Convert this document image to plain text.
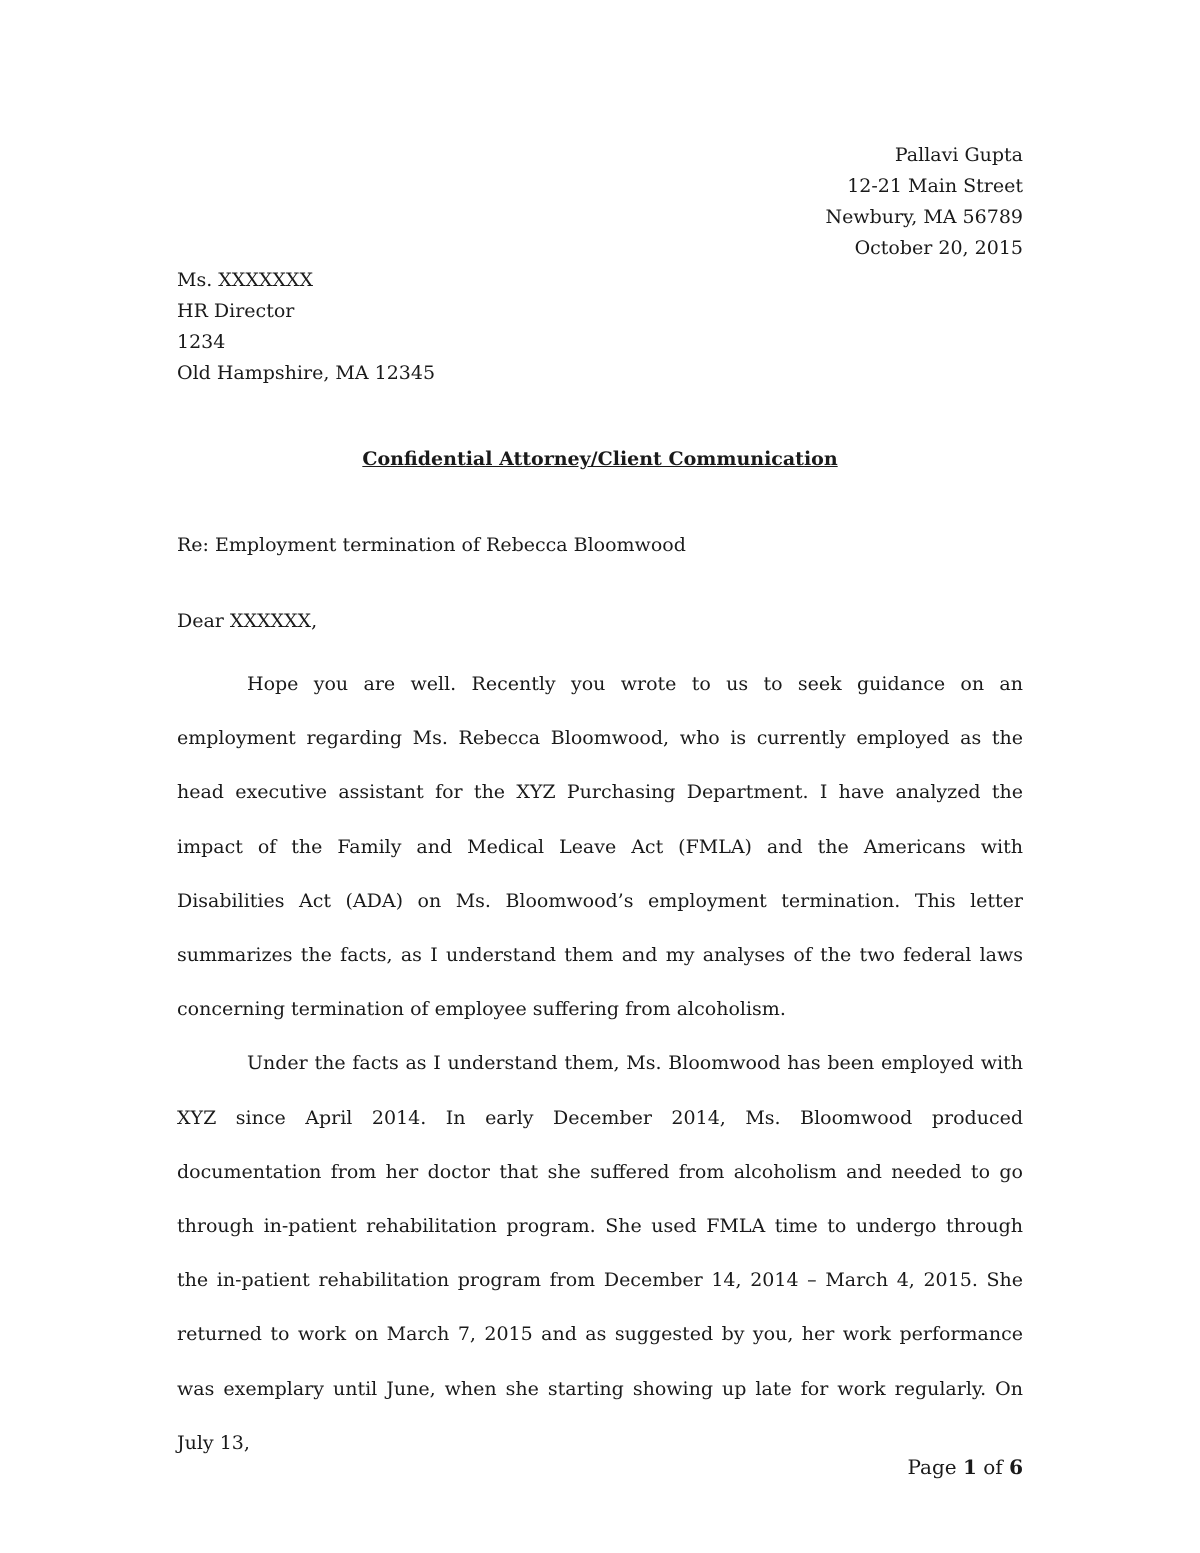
Pallavi Gupta
12-21 Main Street
Newbury, MA 56789
October 20, 2015
Ms. XXXXXXX
HR Director
1234
Old Hampshire, MA 12345
Confidential Attorney/Client Communication
Re: Employment termination of Rebecca Bloomwood
Dear XXXXXX,

Hope you are well. Recently you wrote to us to seek guidance on an employment regarding Ms. Rebecca Bloomwood, who is currently employed as the head executive assistant for the XYZ Purchasing Department. I have analyzed the impact of the Family and Medical Leave Act (FMLA) and the Americans with Disabilities Act (ADA) on Ms. Bloomwood’s employment termination. This letter summarizes the facts, as I understand them and my analyses of the two federal laws concerning termination of employee suffering from alcoholism.

Under the facts as I understand them, Ms. Bloomwood has been employed with XYZ since April 2014. In early December 2014, Ms. Bloomwood produced documentation from her doctor that she suffered from alcoholism and needed to go through in-patient rehabilitation program. She used FMLA time to undergo through the in-patient rehabilitation program from December 14, 2014 – March 4, 2015. She returned to work on March 7, 2015 and as suggested by you, her work performance was exemplary until June, when she starting showing up late for work regularly. On July 13,

Page 1 of 6
